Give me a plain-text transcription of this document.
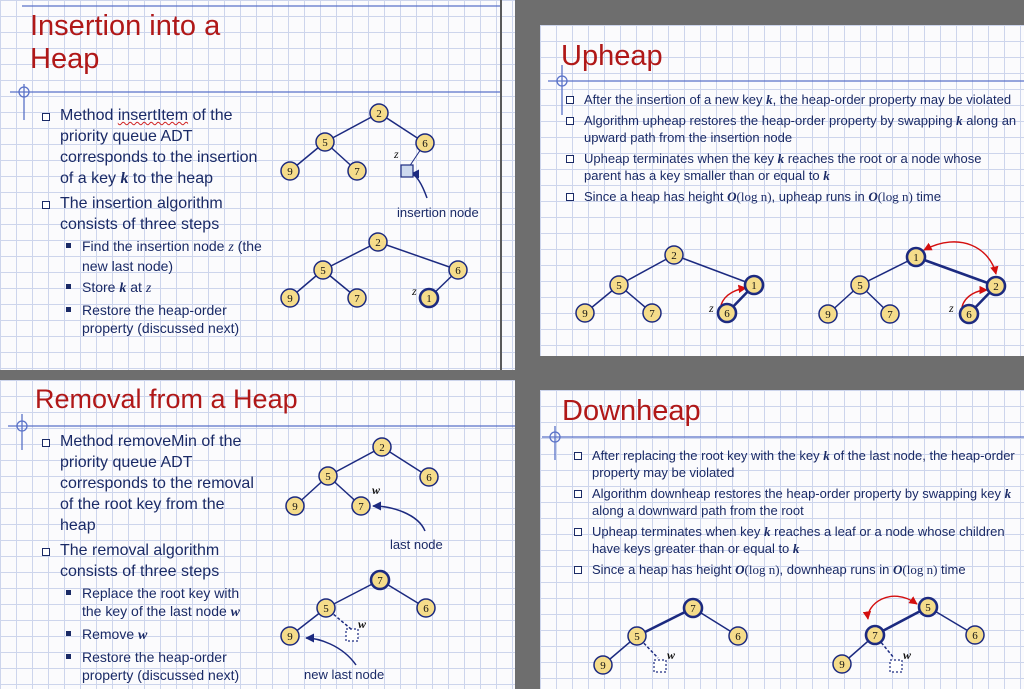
Insertion into a
Heap
Method insertItem of the priority queue ADT corresponds to the insertion of a key k to the heap
The insertion algorithm consists of three steps
Find the insertion node z (the new last node)
Store k at z
Restore the heap-order property (discussed next)
2
5	6
9	7
z
insertion node
2
5	6
9	7	1
z
Upheap
After the insertion of a new key k, the heap-order property may be violated
Algorithm upheap restores the heap-order property by swapping k along an upward path from the insertion node
Upheap terminates when the key k reaches the root or a node whose parent has a key smaller than or equal to k
Since a heap has height O(log n), upheap runs in O(log n) time
2
5	1
9	7	6
z
1
5	2
9	7	6
z
Removal from a Heap
Method removeMin of the priority queue ADT corresponds to the removal of the root key from the heap
The removal algorithm consists of three steps
Replace the root key with the key of the last node w
Remove w
Restore the heap-order property (discussed next)
2
5	6
9	7
w
last node
7
5	6
9
w
new last node
Downheap
After replacing the root key with the key k of the last node, the heap-order property may be violated
Algorithm downheap restores the heap-order property by swapping key k along a downward path from the root
Upheap terminates when key k reaches a leaf or a node whose children have keys greater than or equal to k
Since a heap has height O(log n), downheap runs in O(log n) time
7
5	6
9
w
5
7	6
9
w
